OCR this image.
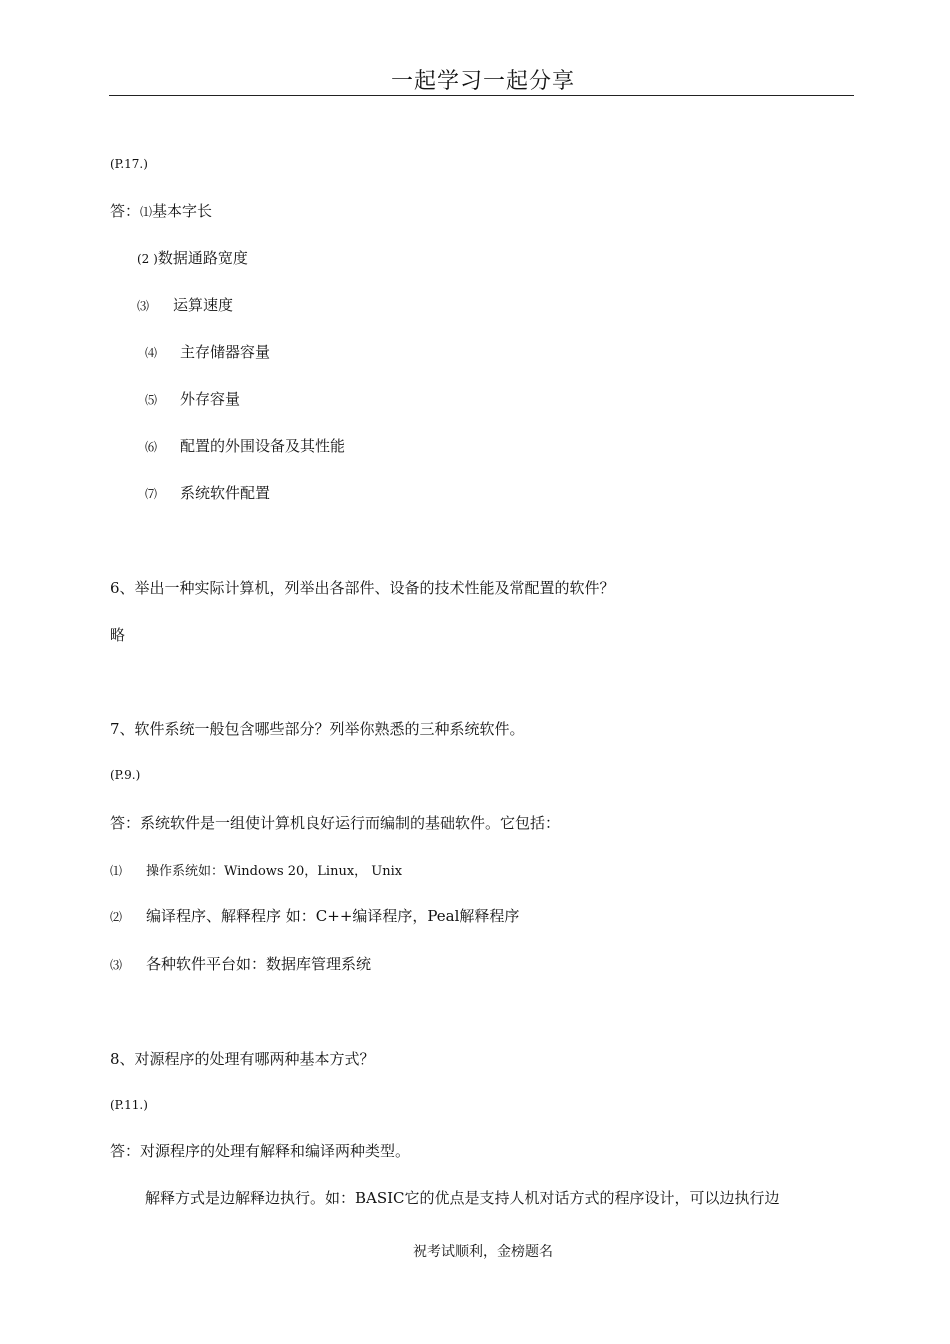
一起学习一起分享
(P.17.)
答：⑴基本字长
(2 )数据通路宽度
⑶ 运算速度
⑷ 主存储器容量
⑸ 外存容量
⑹ 配置的外围设备及其性能
⑺ 系统软件配置
6、举出一种实际计算机，列举出各部件、设备的技术性能及常配置的软件？
略
7、软件系统一般包含哪些部分？列举你熟悉的三种系统软件。
(P.9.)
答：系统软件是一组使计算机良好运行而编制的基础软件。它包括：
⑴ 操作系统如：Windows 20，Linux， Unix
⑵ 编译程序、解释程序 如：C++编译程序，Peal解释程序
⑶ 各种软件平台如：数据库管理系统
8、对源程序的处理有哪两种基本方式？
(P.11.)
答：对源程序的处理有解释和编译两种类型。
解释方式是边解释边执行。如：BASIC它的优点是支持人机对话方式的程序设计，可以边执行边
祝考试顺利，金榜题名
